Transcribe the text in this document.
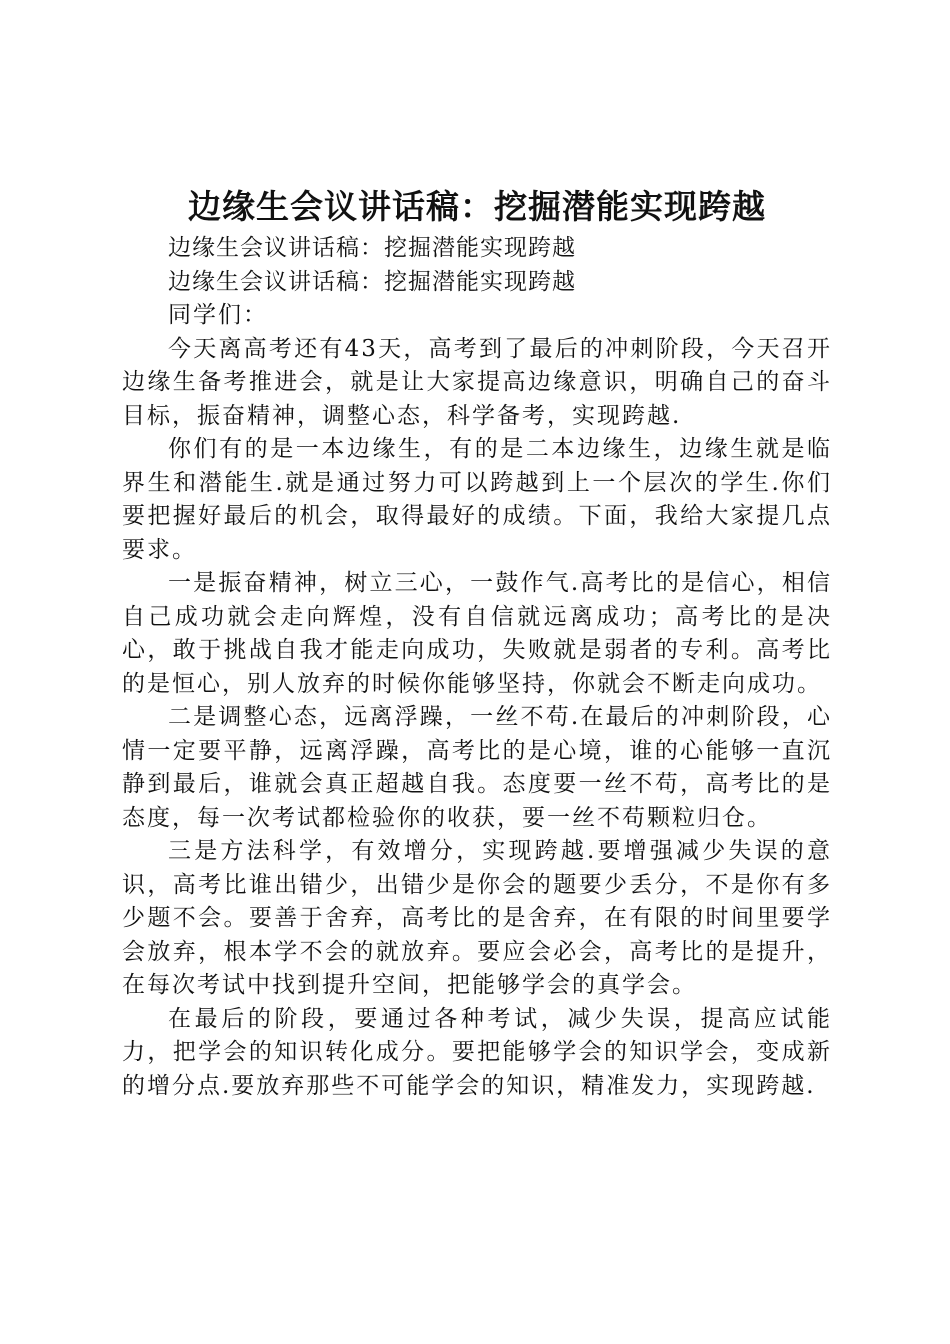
边缘生会议讲话稿：挖掘潜能实现跨越

边缘生会议讲话稿：挖掘潜能实现跨越

边缘生会议讲话稿：挖掘潜能实现跨越

同学们：

今天离高考还有43天，高考到了最后的冲刺阶段，今天召开边缘生备考推进会，就是让大家提高边缘意识，明确自己的奋斗目标，振奋精神，调整心态，科学备考，实现跨越.

你们有的是一本边缘生，有的是二本边缘生，边缘生就是临界生和潜能生.就是通过努力可以跨越到上一个层次的学生.你们要把握好最后的机会，取得最好的成绩。下面，我给大家提几点要求。

一是振奋精神，树立三心，一鼓作气.高考比的是信心，相信自己成功就会走向辉煌，没有自信就远离成功；高考比的是决心，敢于挑战自我才能走向成功，失败就是弱者的专利。高考比的是恒心，别人放弃的时候你能够坚持，你就会不断走向成功。

二是调整心态，远离浮躁，一丝不苟.在最后的冲刺阶段，心情一定要平静，远离浮躁，高考比的是心境，谁的心能够一直沉静到最后，谁就会真正超越自我。态度要一丝不苟，高考比的是态度，每一次考试都检验你的收获，要一丝不苟颗粒归仓。

三是方法科学，有效增分，实现跨越.要增强减少失误的意识，高考比谁出错少，出错少是你会的题要少丢分，不是你有多少题不会。要善于舍弃，高考比的是舍弃，在有限的时间里要学会放弃，根本学不会的就放弃。要应会必会，高考比的是提升，在每次考试中找到提升空间，把能够学会的真学会。

在最后的阶段，要通过各种考试，减少失误，提高应试能力，把学会的知识转化成分。要把能够学会的知识学会，变成新的增分点.要放弃那些不可能学会的知识，精准发力，实现跨越.
